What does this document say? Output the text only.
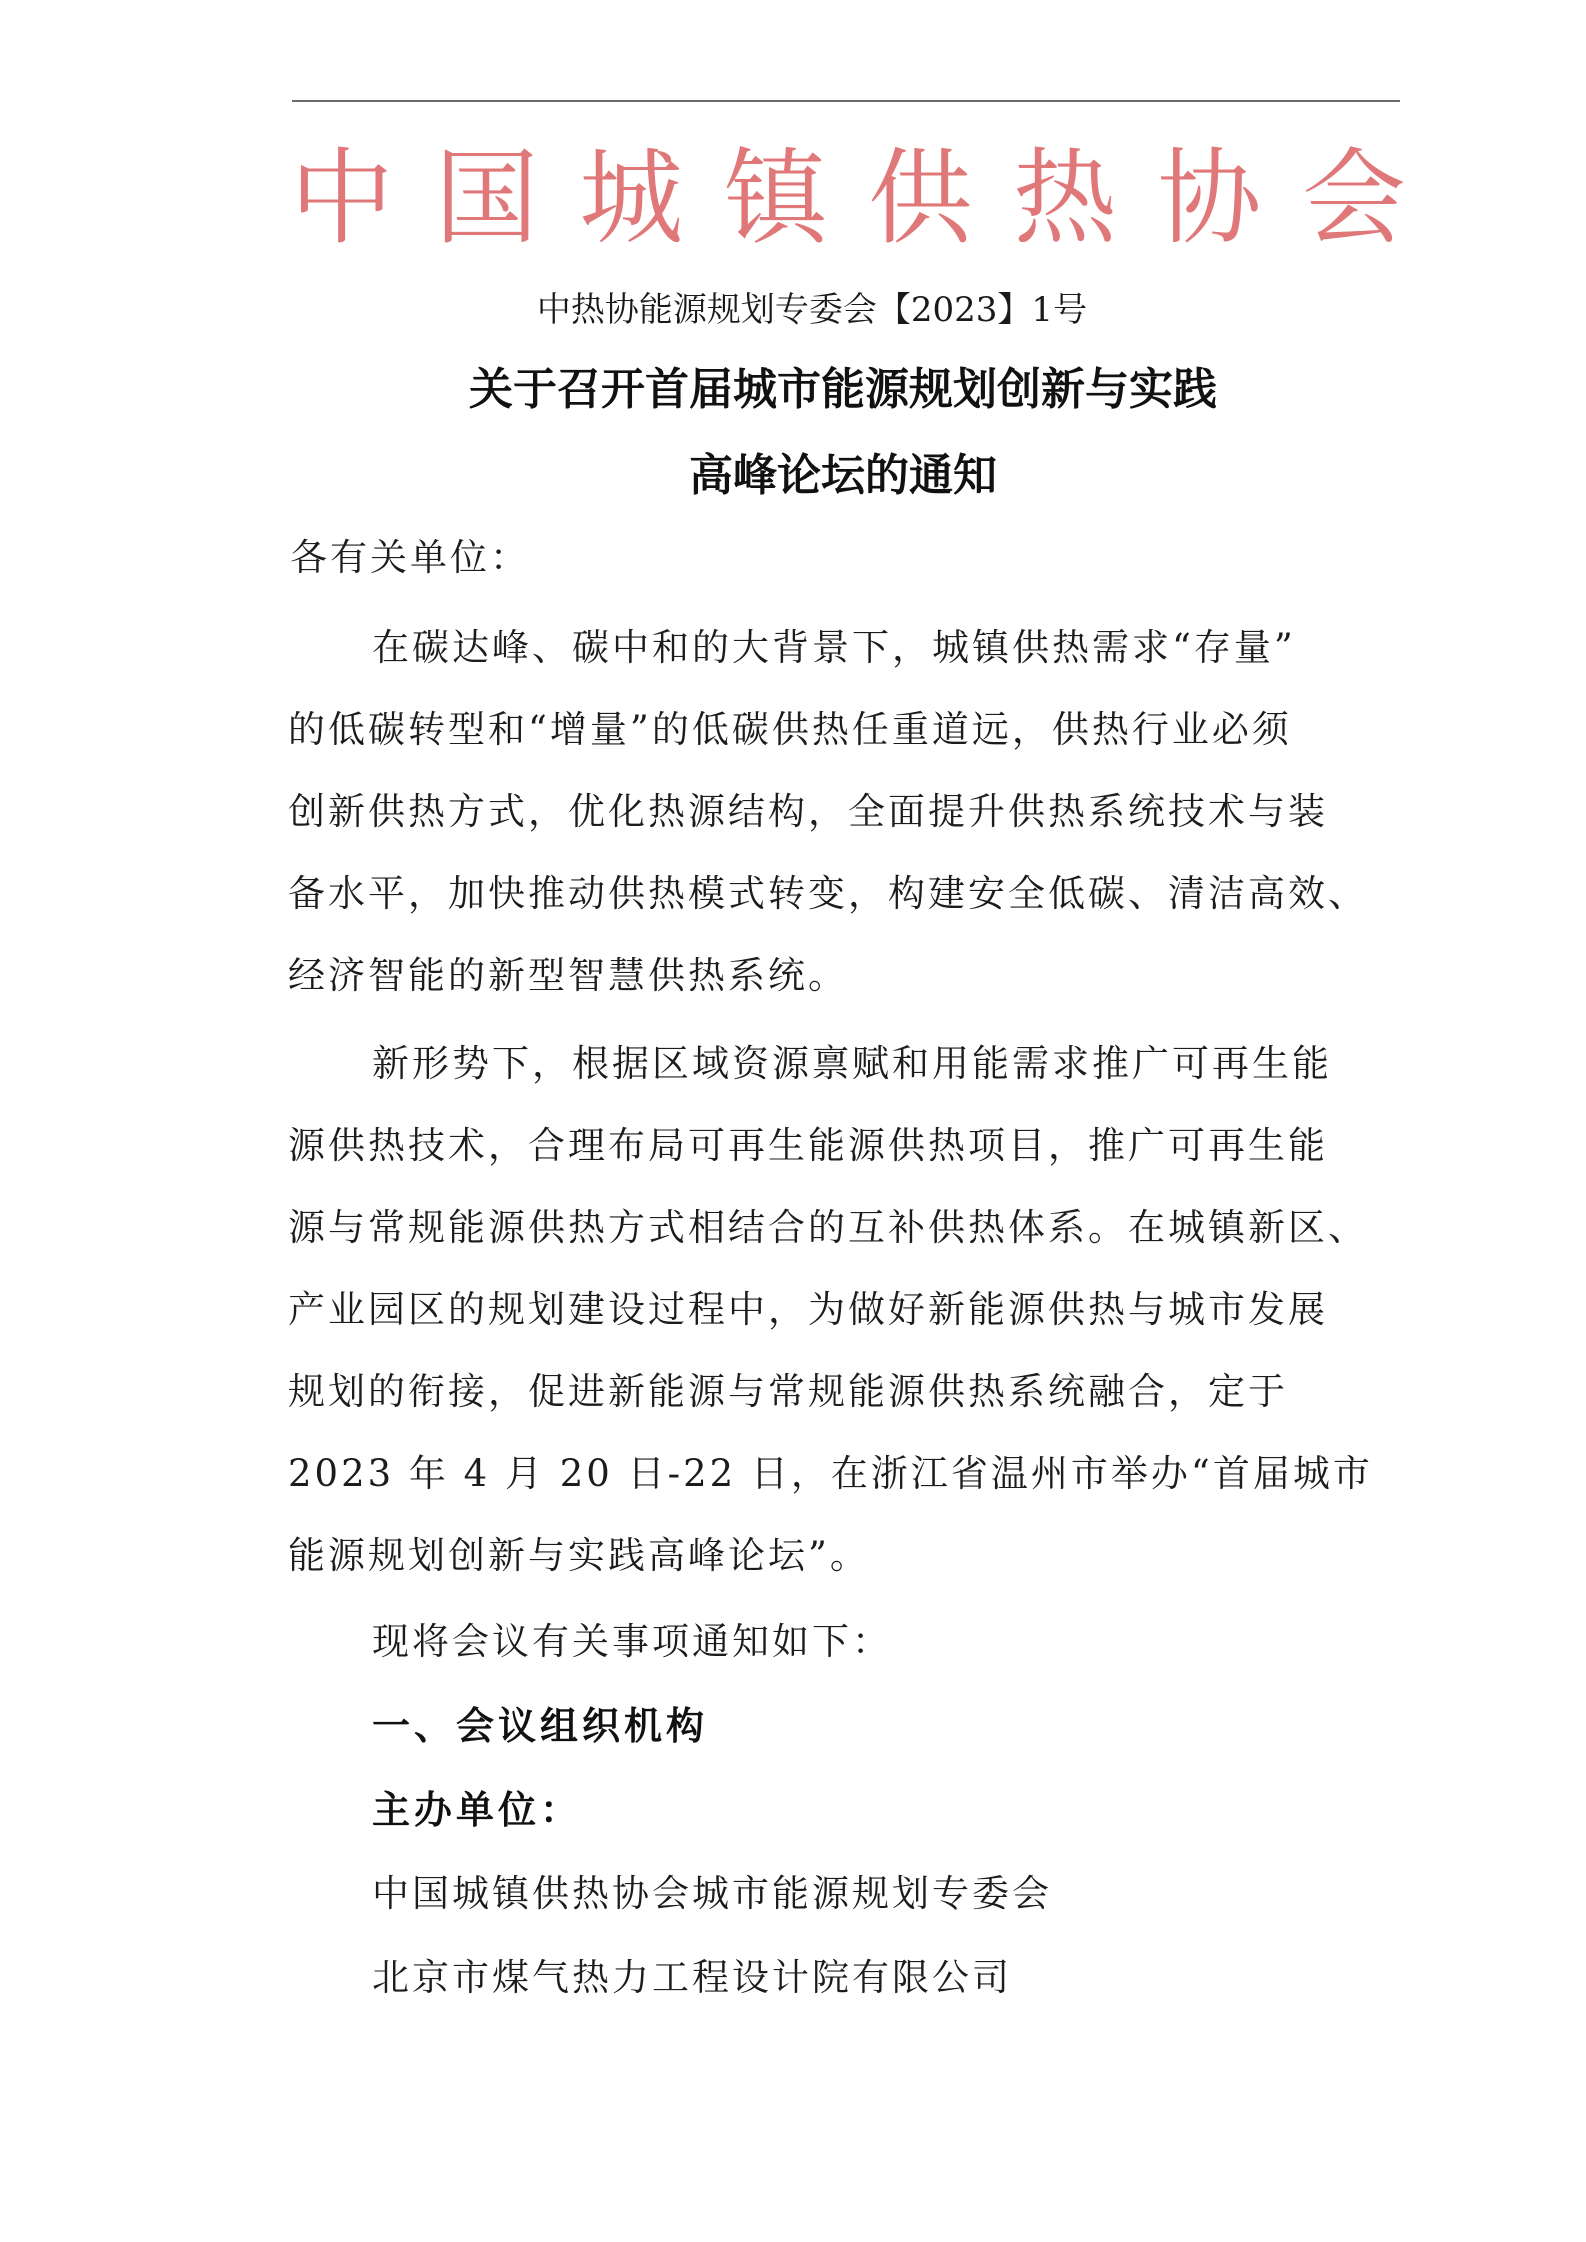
中 国 城 镇 供 热 协 会
中热协能源规划专委会【2023】1号
关于召开首届城市能源规划创新与实践
高峰论坛的通知
各有关单位：
在碳达峰、碳中和的大背景下，城镇供热需求“存量”
的低碳转型和“增量”的低碳供热任重道远，供热行业必须
创新供热方式，优化热源结构，全面提升供热系统技术与装
备水平，加快推动供热模式转变，构建安全低碳、清洁高效、
经济智能的新型智慧供热系统。
新形势下，根据区域资源禀赋和用能需求推广可再生能
源供热技术，合理布局可再生能源供热项目，推广可再生能
源与常规能源供热方式相结合的互补供热体系。在城镇新区、
产业园区的规划建设过程中，为做好新能源供热与城市发展
规划的衔接，促进新能源与常规能源供热系统融合，定于
2023 年 4 月 20 日-22 日，在浙江省温州市举办“首届城市
能源规划创新与实践高峰论坛”。
现将会议有关事项通知如下：
一、会议组织机构
主办单位：
中国城镇供热协会城市能源规划专委会
北京市煤气热力工程设计院有限公司
